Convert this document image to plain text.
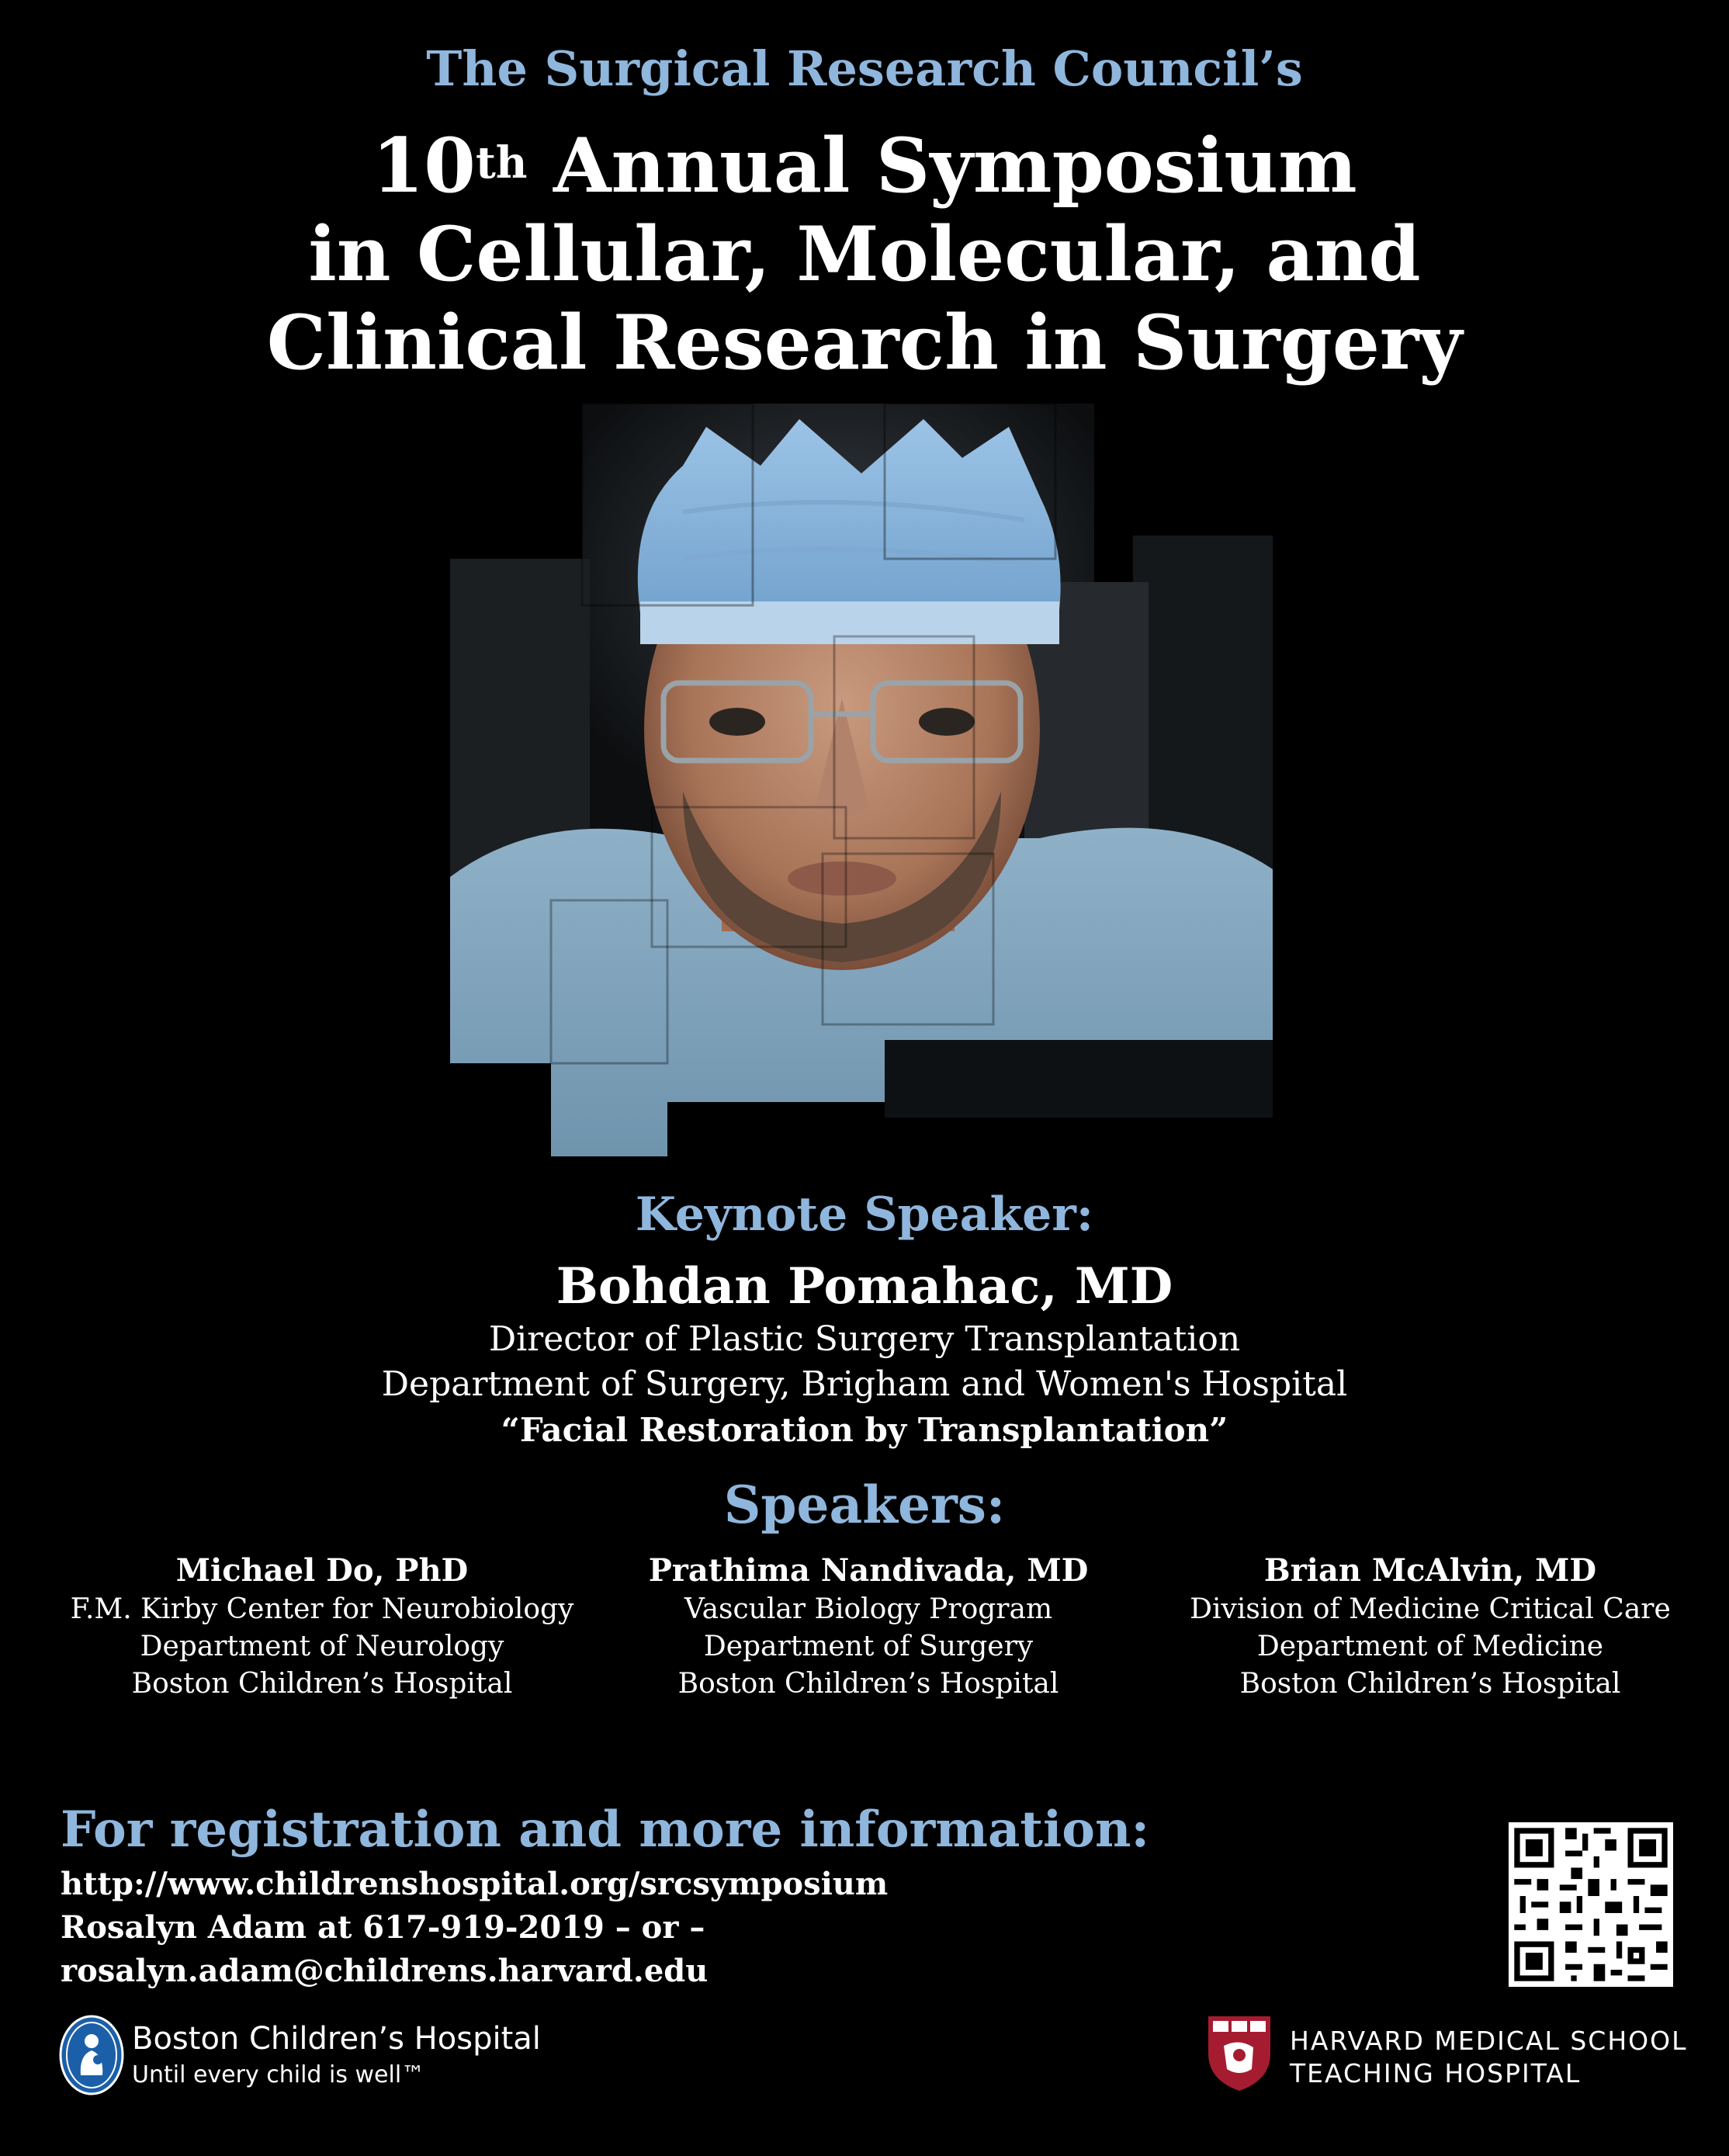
The Surgical Research Council’s
10th Annual Symposium
in Cellular, Molecular, and
Clinical Research in Surgery
Keynote Speaker:
Bohdan Pomahac, MD
Director of Plastic Surgery Transplantation
Department of Surgery, Brigham and Women's Hospital
“Facial Restoration by Transplantation”
Speakers:
Michael Do, PhD
F.M. Kirby Center for Neurobiology
Department of Neurology
Boston Children’s Hospital
Prathima Nandivada, MD
Vascular Biology Program
Department of Surgery
Boston Children’s Hospital
Brian McAlvin, MD
Division of Medicine Critical Care
Department of Medicine
Boston Children’s Hospital
For registration and more information:
http://www.childrenshospital.org/srcsymposium
Rosalyn Adam at 617-919-2019 – or –
rosalyn.adam@childrens.harvard.edu
Boston Children’s Hospital
Until every child is well™
HARVARD MEDICAL SCHOOL
TEACHING HOSPITAL
